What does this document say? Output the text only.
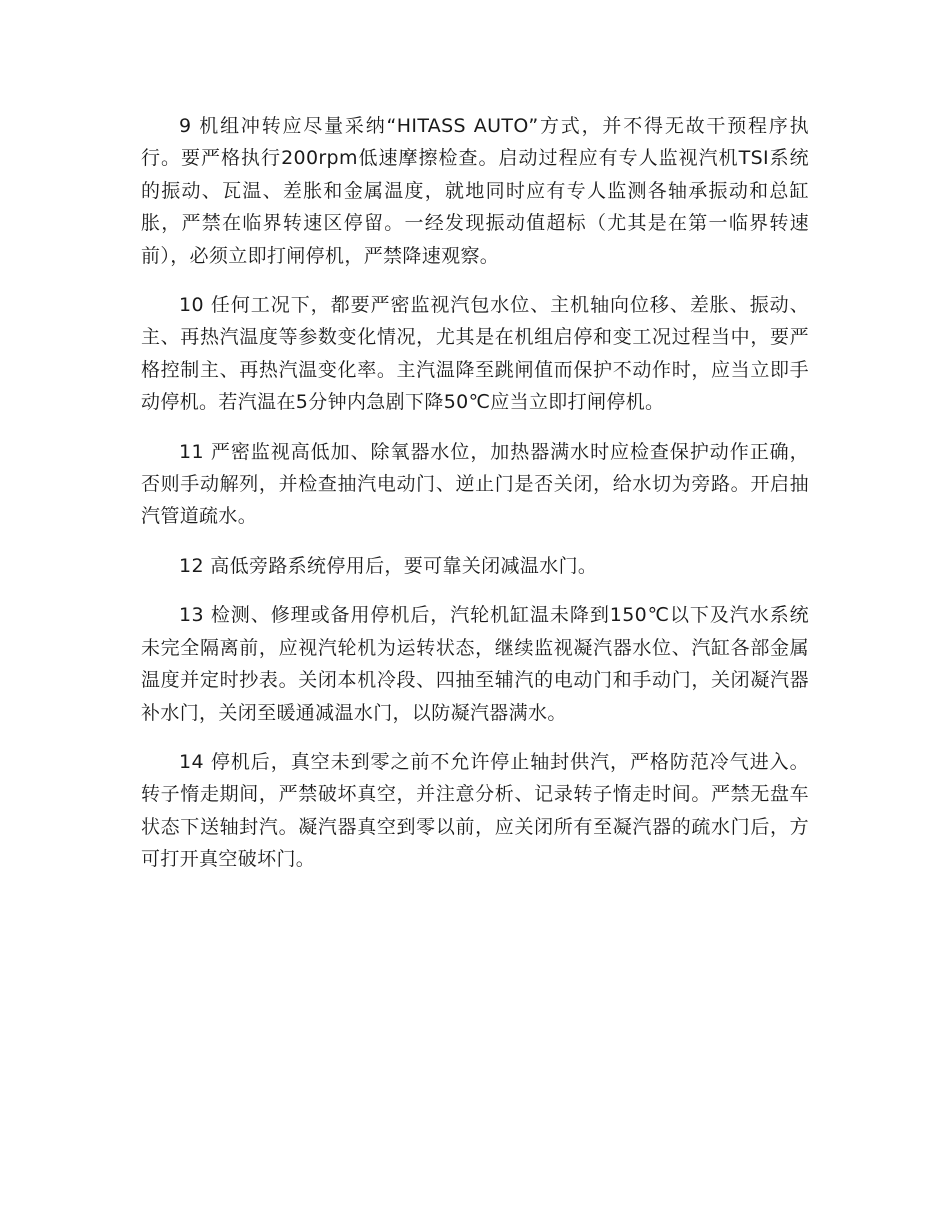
9 机组冲转应尽量采纳“HITASS AUTO”方式，并不得无故干预程序执行。要严格执行200rpm低速摩擦检查。启动过程应有专人监视汽机TSI系统的振动、瓦温、差胀和金属温度，就地同时应有专人监测各轴承振动和总缸胀，严禁在临界转速区停留。一经发现振动值超标（尤其是在第一临界转速前），必须立即打闸停机，严禁降速观察。

10 任何工况下，都要严密监视汽包水位、主机轴向位移、差胀、振动、主、再热汽温度等参数变化情况，尤其是在机组启停和变工况过程当中，要严格控制主、再热汽温变化率。主汽温降至跳闸值而保护不动作时，应当立即手动停机。若汽温在5分钟内急剧下降50℃应当立即打闸停机。

11 严密监视高低加、除氧器水位，加热器满水时应检查保护动作正确，否则手动解列，并检查抽汽电动门、逆止门是否关闭，给水切为旁路。开启抽汽管道疏水。

12 高低旁路系统停用后，要可靠关闭减温水门。

13 检测、修理或备用停机后，汽轮机缸温未降到150℃以下及汽水系统未完全隔离前，应视汽轮机为运转状态，继续监视凝汽器水位、汽缸各部金属温度并定时抄表。关闭本机冷段、四抽至辅汽的电动门和手动门，关闭凝汽器补水门，关闭至暖通减温水门，以防凝汽器满水。

14 停机后，真空未到零之前不允许停止轴封供汽，严格防范冷气进入。转子惰走期间，严禁破坏真空，并注意分析、记录转子惰走时间。严禁无盘车状态下送轴封汽。凝汽器真空到零以前，应关闭所有至凝汽器的疏水门后，方可打开真空破坏门。
